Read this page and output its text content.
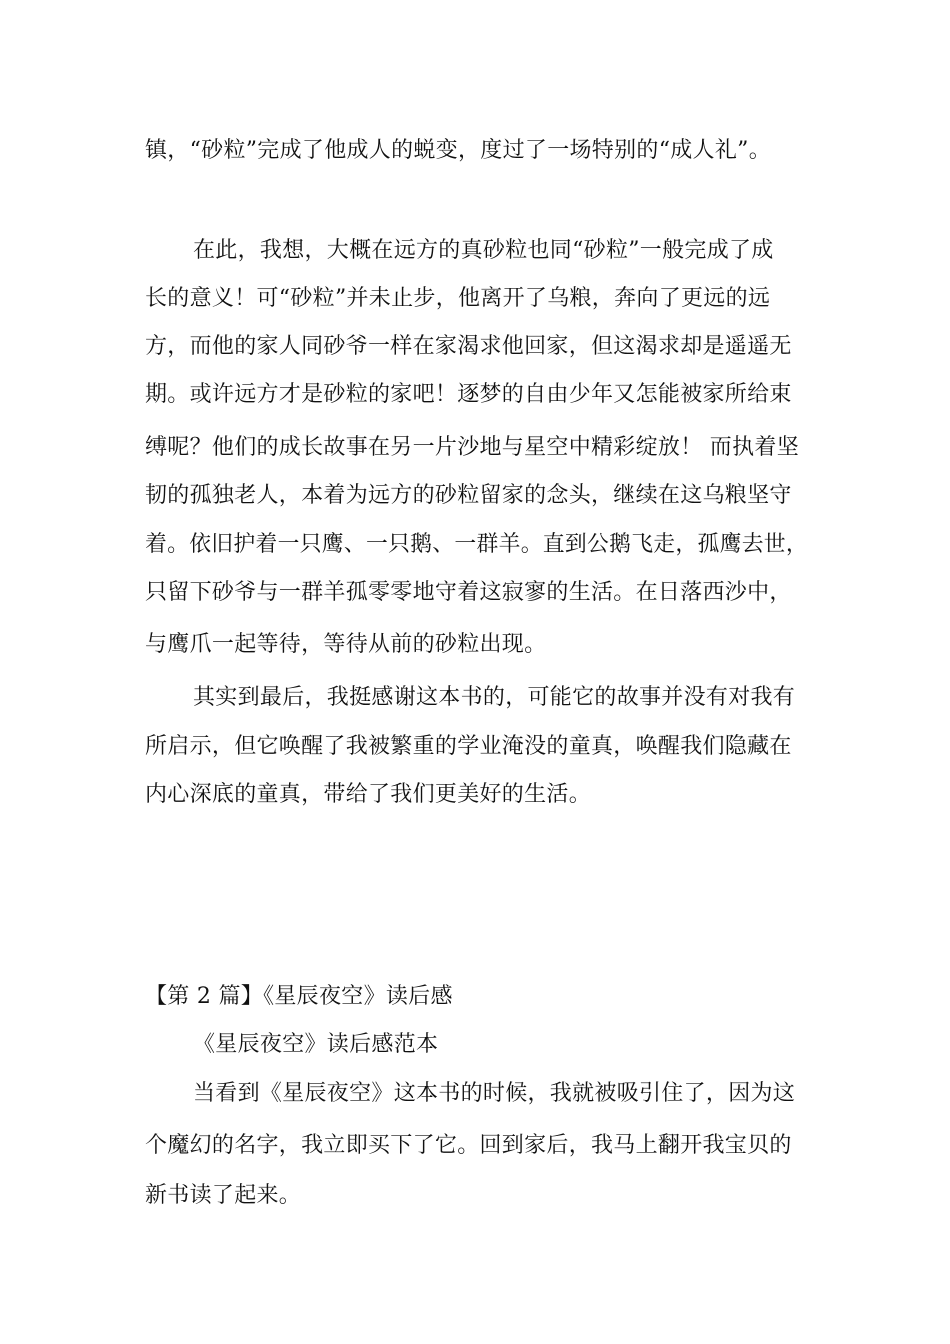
镇，“砂粒”完成了他成人的蜕变，度过了一场特别的“成人礼”。
在此，我想，大概在远方的真砂粒也同“砂粒”一般完成了成
长的意义！可“砂粒”并未止步，他离开了乌粮，奔向了更远的远
方，而他的家人同砂爷一样在家渴求他回家，但这渴求却是遥遥无
期。或许远方才是砂粒的家吧！逐梦的自由少年又怎能被家所给束
缚呢？他们的成长故事在另一片沙地与星空中精彩绽放！ 而执着坚
韧的孤独老人，本着为远方的砂粒留家的念头，继续在这乌粮坚守
着。依旧护着一只鹰、一只鹅、一群羊。直到公鹅飞走，孤鹰去世，
只留下砂爷与一群羊孤零零地守着这寂寥的生活。在日落西沙中，
与鹰爪一起等待，等待从前的砂粒出现。
其实到最后，我挺感谢这本书的，可能它的故事并没有对我有
所启示，但它唤醒了我被繁重的学业淹没的童真，唤醒我们隐藏在
内心深底的童真，带给了我们更美好的生活。
【第 2 篇】《星辰夜空》读后感
《星辰夜空》读后感范本
当看到《星辰夜空》这本书的时候，我就被吸引住了，因为这
个魔幻的名字，我立即买下了它。回到家后，我马上翻开我宝贝的
新书读了起来。
